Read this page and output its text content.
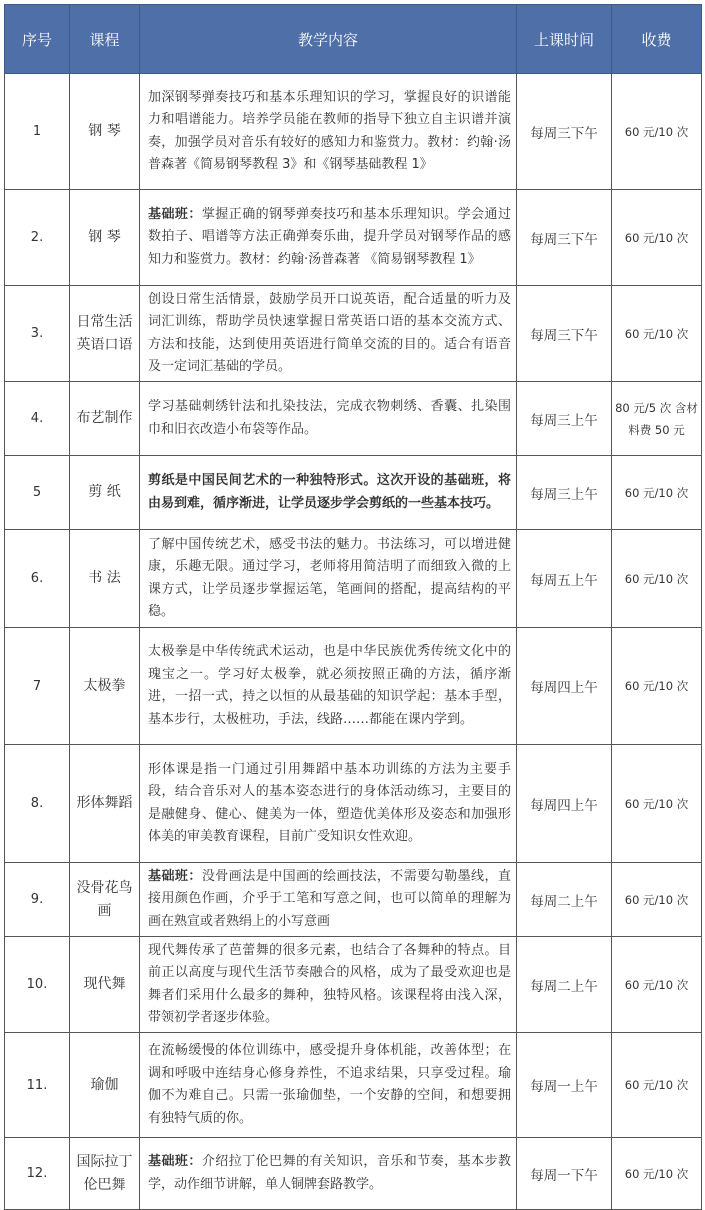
序号	课程	教学内容	上课时间	收费
1	钢 琴	加深钢琴弹奏技巧和基本乐理知识的学习，掌握良好的识谱能力和唱谱能力。培养学员能在教师的指导下独立自主识谱并演奏，加强学员对音乐有较好的感知力和鉴赏力。教材：约翰·汤普森著《简易钢琴教程 3》和《钢琴基础教程 1》	每周三下午	60 元/10 次
2.	钢 琴	基础班：掌握正确的钢琴弹奏技巧和基本乐理知识。学会通过数拍子、唱谱等方法正确弹奏乐曲，提升学员对钢琴作品的感知力和鉴赏力。教材：约翰·汤普森著 《简易钢琴教程 1》	每周三下午	60 元/10 次
3.	日常生活英语口语	创设日常生活情景，鼓励学员开口说英语，配合适量的听力及词汇训练，帮助学员快速掌握日常英语口语的基本交流方式、方法和技能，达到使用英语进行简单交流的目的。适合有语音及一定词汇基础的学员。	每周三下午	60 元/10 次
4.	布艺制作	学习基础刺绣针法和扎染技法，完成衣物刺绣、香囊、扎染围巾和旧衣改造小布袋等作品。	每周三上午	80 元/5 次 含材料费 50 元
5	剪 纸	剪纸是中国民间艺术的一种独特形式。这次开设的基础班，将由易到难，循序渐进，让学员逐步学会剪纸的一些基本技巧。	每周三上午	60 元/10 次
6.	书 法	了解中国传统艺术，感受书法的魅力。书法练习，可以增进健康，乐趣无限。通过学习，老师将用简洁明了而细致入微的上课方式，让学员逐步掌握运笔，笔画间的搭配，提高结构的平稳。	每周五上午	60 元/10 次
7	太极拳	太极拳是中华传统武术运动，也是中华民族优秀传统文化中的瑰宝之一。学习好太极拳，就必须按照正确的方法，循序渐进，一招一式，持之以恒的从最基础的知识学起：基本手型，基本步行，太极桩功，手法，线路……都能在课内学到。	每周四上午	60 元/10 次
8.	形体舞蹈	形体课是指一门通过引用舞蹈中基本功训练的方法为主要手段，结合音乐对人的基本姿态进行的身体活动练习，主要目的是融健身、健心、健美为一体，塑造优美体形及姿态和加强形体美的审美教育课程，目前广受知识女性欢迎。	每周四上午	60 元/10 次
9.	没骨花鸟画	基础班：没骨画法是中国画的绘画技法，不需要勾勒墨线，直接用颜色作画，介乎于工笔和写意之间，也可以简单的理解为画在熟宣或者熟绢上的小写意画	每周二上午	60 元/10 次
10.	现代舞	现代舞传承了芭蕾舞的很多元素，也结合了各舞种的特点。目前正以高度与现代生活节奏融合的风格，成为了最受欢迎也是舞者们采用什么最多的舞种，独特风格。该课程将由浅入深，带领初学者逐步体验。	每周二上午	60 元/10 次
11.	瑜伽	在流畅缓慢的体位训练中，感受提升身体机能，改善体型；在调和呼吸中连结身心修身养性，不追求结果，只享受过程。瑜伽不为难自己。只需一张瑜伽垫，一个安静的空间，和想要拥有独特气质的你。	每周一上午	60 元/10 次
12.	国际拉丁伦巴舞	基础班：介绍拉丁伦巴舞的有关知识，音乐和节奏，基本步教学，动作细节讲解，单人铜牌套路教学。	每周一下午	60 元/10 次
